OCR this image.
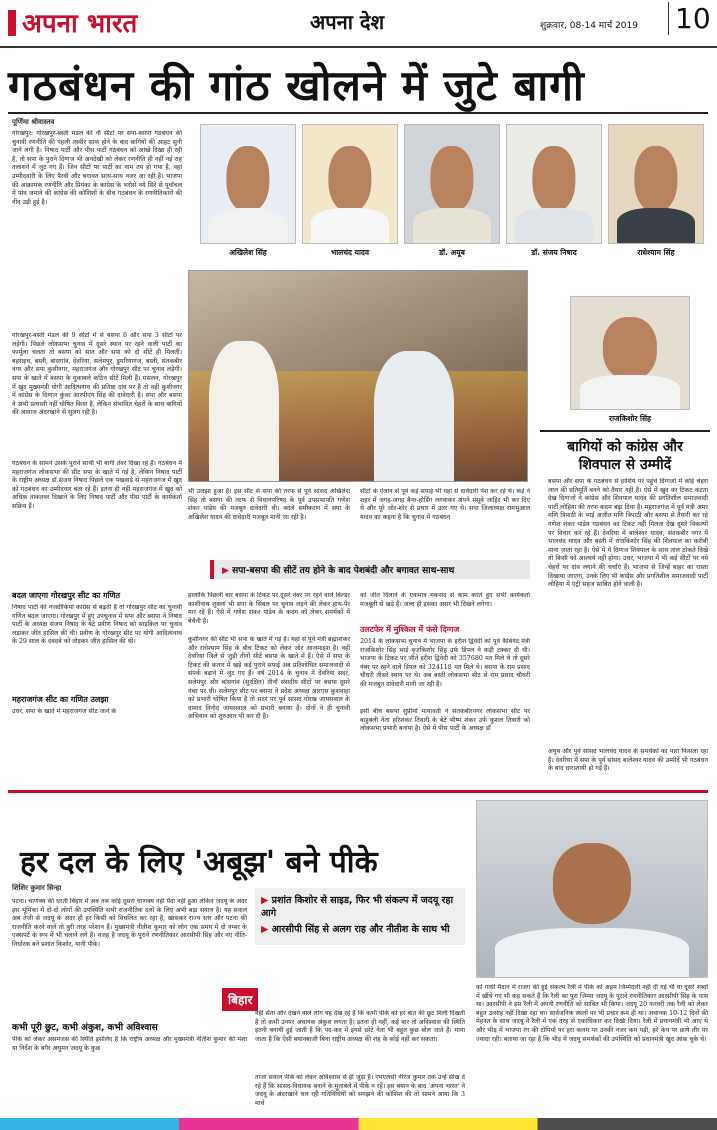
अपना भारत	अपना देश	शुक्रवार, 08-14 मार्च 2019 10
गठबंधन की गांठ खोलने में जुटे बागी
पूर्णिमा श्रीवास्तव
अखिलेश सिंह	भालचंद यादव	डॉ. अयूब	डॉ. संजय निषाद	राधेश्याम सिंह
गोरखपुर: गोरखपुर-बस्ती मंडल की नौ सीटों पर सपा-बसपा गठबंधन की चुनावी रणनीति की पहली तस्वीर साफ होने के बाद बागियों की आहट सुनी जाने लगी है। निषाद पार्टी और पीस पार्टी गठबंधन को आंखें दिखा ही रही है, तो सपा के पुराने दिग्गज भी अनदेखी को लेकर रणनीति ही नहीं नई राह तलाशने में जुट गए हैं। जिन सीटों पर पार्टी का नाम तय हो गया है, वहां उम्मीदवारी के लिए पैरवी और बगावत साथ-साथ नजर आ रही है। भाजपा की आक्रामक रणनीति और प्रियंका के कांग्रेस के भरोसे नये सिरे से पूर्वांचल में पांव जमाने की कांग्रेस की कोशिशों के बीच गठबंधन के रणनीतिकारों की नींद उड़ी हुई है।
गोरखपुर-बस्ती मंडल की 9 सीटों में से बसपा 6 और सपा 3 सीटों पर लड़ेगी। पिछले लोकसभा चुनाव में दूसरे स्थान पर रहने वाली पार्टी का फार्मूला चलता तो बसपा को सात और सपा को दो सीटें ही मिलतीं। बहराइच, बस्ती, बांसगांव, देवरिया, सलेमपुर, डुमरियागंज, बस्ती, संतकबीर नगर और सपा कुशीनगर, महराजगंज और गोरखपुर सीट पर चुनाव लड़ेगी। सपा के खाते में बसपा के मुकाबले कठिन सीटें मिली हैं। मसलन, गोरखपुर में खुद मुख्यमंत्री योगी आदित्यनाथ की प्रतिष्ठा दांव पर है तो वहीं कुशीनगर में कांग्रेस के दिग्गज कुंवर आरपीएन सिंह की दावेदारी है। सपा और बसपा ने अभी प्रत्याशी नहीं घोषित किया है, लेकिन संभावित चेहरों के साथ बागियों की आवाज अंदरखाने से सुलग रही है।
गठबंधन के सामने उसके पुराने साथी भी बागी तेवर दिखा रहे हैं। गठबंधन में महराजगंज लोकसभा की सीट सपा के खाते में गई है, लेकिन निषाद पार्टी के राष्ट्रीय अध्यक्ष डॉ.संजय निषाद पिछले एक पखवाड़े से महराजगंज में खुद को गठबंधन का उम्मीदवार बता रहे हैं। इतना ही नहीं महराजगंज में खुद को अधिक ताकतवर दिखाने के लिए निषाद पार्टी और पीस पार्टी के कार्यकर्ता सक्रिय हैं।
बदल जाएगा गोरखपुर सीट का गणित
निषाद पार्टी की नजदीकियां कांग्रेस से बढ़ती हैं तो गोरखपुर सीट का चुनावी गणित बदल जाएगा। गोरखपुर में हुए उपचुनाव में सपा और बसपा ने निषाद पार्टी के अध्यक्ष संजय निषाद के बेटे प्रवीण निषाद को साइकिल पर चुनाव लड़ाकर जीत हासिल की थी। प्रवीण के गोरखपुर सीट पर योगी आदित्यनाथ के 29 साल के दबदबे को तोड़कर जीत हासिल की थी।
महराजगंज सीट का गणित उलझा
उधर, सपा के खाते में महराजगंज सीट जाने के
भी उलझा हुआ है। इस सीट से सपा की तरफ से पूर्व सांसद अखिलेश सिंह तो बसपा की तरफ से विधानपरिषद के पूर्व उपसभापति गणेश शंकर पांडेय की मजबूत दावेदारी थी। बदले समीकरण में सपा के अखिलेश यादव की दावेदारी मजबूत मानी जा रही है।
सीटों के ऐलान से पूर्व कई सपाई भी यहां से दावेदारी पेश कर रहे थे। कई ने शहर में जगह-जगह बैनर-होर्डिंग लगवाकर अपने मंसूबे जाहिर भी कर दिए थे और पूरे जोर-शोर से प्रचार में उतर गए थे। सपा जिलाध्यक्ष रामभुआल यादव का कहना है कि चुनाव में गठबंधन
▶ सपा-बसपा की सीटें तय होने के बाद पेशबंदी और बगावत साथ-साथ
हालांकि पिछली बार बसपा के टिकट पर दूसरे नंबर पर रहने वाले बिल्डर काशीनाथ शुक्ला भी सपा के सिंबल पर चुनाव लड़ने की लेकर हाथ-पैर मार रहे हैं। ऐसे में गणेश शंकर पांडेय के कदम को लेकर समर्थकों में बेचैनी है।
कुशीनगर की सीट भी सपा के खाते में गई है। यहां से पूर्व मंत्री ब्रह्माशंकर और राधेश्याम सिंह के बीच टिकट को लेकर जोर आजमाइश है। वहीं देवरिया जिले से जुड़ी तीनों सीटें बसपा के खाते में हैं। ऐसे में सपा के टिकट की कतार में खड़े कई पुराने सपाई अब प्रतिशोधित समाजवादी से संपर्क बढ़ाने में जुट गए हैं। वर्ष 2014 के चुनाव में देवरिया सदर, सलेमपुर और बांसगांव (सुरक्षित) तीनों संसदीय सीटों पर बसपा दूसरे नंबर पर थी। सलेमपुर सीट पर बसपा ने प्रदेश अध्यक्ष आरएस कुशवाहा को प्रभारी घोषित किया है तो सदर पर पूर्व सांसद गोरख जायसवाल के दामाद विनोद जायसवाल को प्रभारी बनाया है। दोनों ने ही चुनावी अभियान को शुरुआत भी कर दी है।
को जीत दिलाने के एकमात्र मकसद से काम करते हुए सभी कार्यकर्ता मजबूती से खड़े हैं। जल्द ही इसका असर भी दिखने लगेगा।
उलटफेर में मुश्किल में फंसे दिग्गज
2014 के लोकसभा चुनाव में भाजपा के हरीश द्विवेदी को पूर्व कैबिनेट मंत्री राजकिशोर सिंह भाई बृजकिशोर सिंह उर्फ डिंपल ने कड़ी टक्कर दी थी। भाजपा के टिकट पर जीते हरीश द्विवेदी को 357680 मत मिले थे तो दूसरे नंबर पर रहने वाले डिंपल को 324118 मत मिले थे। बसपा के राम प्रसाद चौधरी तीसरे स्थान पर थे। अब बस्ती लोकसभा सीट से राम प्रसाद चौधरी की मजबूत दावेदारी मानी जा रही है।
इसी बीच बसपा सुप्रीमो मायावती ने संतकबीरनगर लोकसभा सीट पर बाहुबली नेता हरिशंकर तिवारी के बेटे भीष्म शंकर उर्फ कुशल तिवारी को लोकसभा प्रभारी बनाया है। ऐसे में पीस पार्टी के अध्यक्ष डॉ
राजकिशोर सिंह
बागियों को कांग्रेस और शिवपाल से उम्मीदें
बसपा और सपा के गठबंधन से हाशिये पर पहुंचे दिग्गजों में कोई चेहरा लाल की प्रतिमूर्ति बनने को तैयार नहीं है। ऐसे में खुद का टिकट कटता देख दिग्गजों ने कांग्रेस और शिवपाल यादव की प्रगतिशील समाजवादी पार्टी लोहिया की तरफ कदम बढ़ा दिया है। महराजगंज में पूर्व मंत्री अमर मणि त्रिपाठी के भाई अजीत मणि त्रिपाठी और बसपा से तैयारी कर रहे गणेश शंकर पांडेय गठबंधन का टिकट नहीं मिलता देख दूसरे विकल्पों पर विचार कर रहे हैं। देवरिया में बालेश्वर यादव, संतकबीर नगर में भालचंद यादव और बस्ती में राजकिशोर सिंह की शिवपाल का करीबी माना जाता रहा है। ऐसे में ये दिग्गज शिवपाल के साथ ताल ठोकते दिखे तो किसी को आश्चर्य नहीं होगा। उधर, भाजपा में भी कई सीटों पर नये चेहरों पर दांव लगाने की चर्चाएं हैं। भाजपा से जिन्हें बाहर का रास्ता दिखाया जाएगा, उनके लिए भी कांग्रेस और प्रगतिशील समाजवादी पार्टी लोहिया में एंट्री सहज साबित होने वाली है।
अयूब और पूर्व सांसद भालचंद यादव के समर्थकों का पारा फिसला रहा है। देवरिया में सपा के पूर्व सांसद बालेश्वर यादव की उम्मीदें भी गठबंधन के बाद धाराशायी हो गई हैं।
हर दल के लिए 'अबूझ' बने पीके
शिशिर कुमार सिन्हा
पटना। चाणक्य की धरती बिहार में अब तक कोई दूसरा चाणक्य नहीं पैदा नहीं हुआ लेकिन जदयू के अंदर इस भूमिका में दो-दो लोगों की उपस्थिति सभी राजनीतिक दलों के लिए अभी बड़ा सवाल है। यह सवाल अब तेजी से जदयू के अंदर ही हर किसी को विचलित कर रहा है, खासकर राज्य स्तर और पटना की राजनीति करने वाले तो बुरी तरह परेशान हैं। मुख्यमंत्री नीतीश कुमार को लोग एक समय में दो नम्बर के एक्सपर्ट के रूप में भी चलाने लगे हैं। वजह है जदयू के पुराने रणनीतिकार आरसीपी सिंह और नए नीति-निर्धारक बने प्रशांत किशोर, यानी पीके।
कभी पूरी छुट, कभी अंकुश, कभी अविश्वास
पीके को लेकर असमंजस की स्थिति इसलिए है कि राष्ट्रीय अध्यक्ष और मुख्यमंत्री नीतीश कुमार की मंशा या निर्देश के बगैर अघुमन जदयू के कुछ
▶ प्रशांत किशोर से साइड, फिर भी संकल्प में जदयू रहा आगे
▶ आरसीपी सिंह से अलग राह और नीतीश के साथ भी
बिहार
नहीं सेंता और देखने वाले लोग यह देख रहे हैं कि कभी पीके को हर बात की छूट मिली दिखती है तो कभी उनपर अचानक अंकुश लगता है। इतना ही नहीं, कई बार तो अविश्वास की स्थिति इतनी बनायी हुई जाती है कि पद-कद में इनसे छोटे नेता भी बहुत कुछ बोल जाते हैं। माना जाता है कि ऐसी बयानबाजी बिना राष्ट्रीय अध्यक्ष की शह के कोई नहीं कर सकता।
ताजा सवाल पीके को लेकर अविश्वास से ही जुड़ा है। एमएलसी नीरज कुमार तक उन्हें सीख दे रहे हैं कि सांसद-विधायक बनाने के मुताबले में पीके न रहें। इस बयान के बाद 'अपना भारत' ने जदयू के अंदरखाने चल रही गतिविधियों को समझने की कोशिश की तो सामने आया कि 3 मार्च
को गांधी मैदान में राजग की हुई संकल्प रैली में पीके को अहम जिम्मेदारी नहीं दी गई थी या दूसरे शब्दों में खींचे गए भी कह सकते हैं कि रैली का पूरा जिम्मा जदयू के पुराने रणनीतिकार आरसीपी सिंह के पास था। आरसीपी ने इस रैली में अपनी रणनीति को साबित भी किया। जदयू 20 फरवरी तक रैली को लेकर बहुत उत्साह नहीं दिखा रहा था। सार्वजनिक स्थलों पर भी प्रचार कम ही था। अचानक 10-12 दिनों की मेहनत के साथ जदयू ने रैली में एक तरह से एकाधिकार कर दिखा दिया। रैली में प्रधानमंत्री भी आए थे और भीड़ में भाजपा रंग की टोपियों पर हरा कलम पर उनकी नजर कम पड़ी, हरे केप पर छाये तीर पर ज्यादा रही। बताया जा रहा है कि भीड़ में जदयू समर्थकों की उपस्थिति को प्रधानमंत्री खुद आंक चुके थे।
